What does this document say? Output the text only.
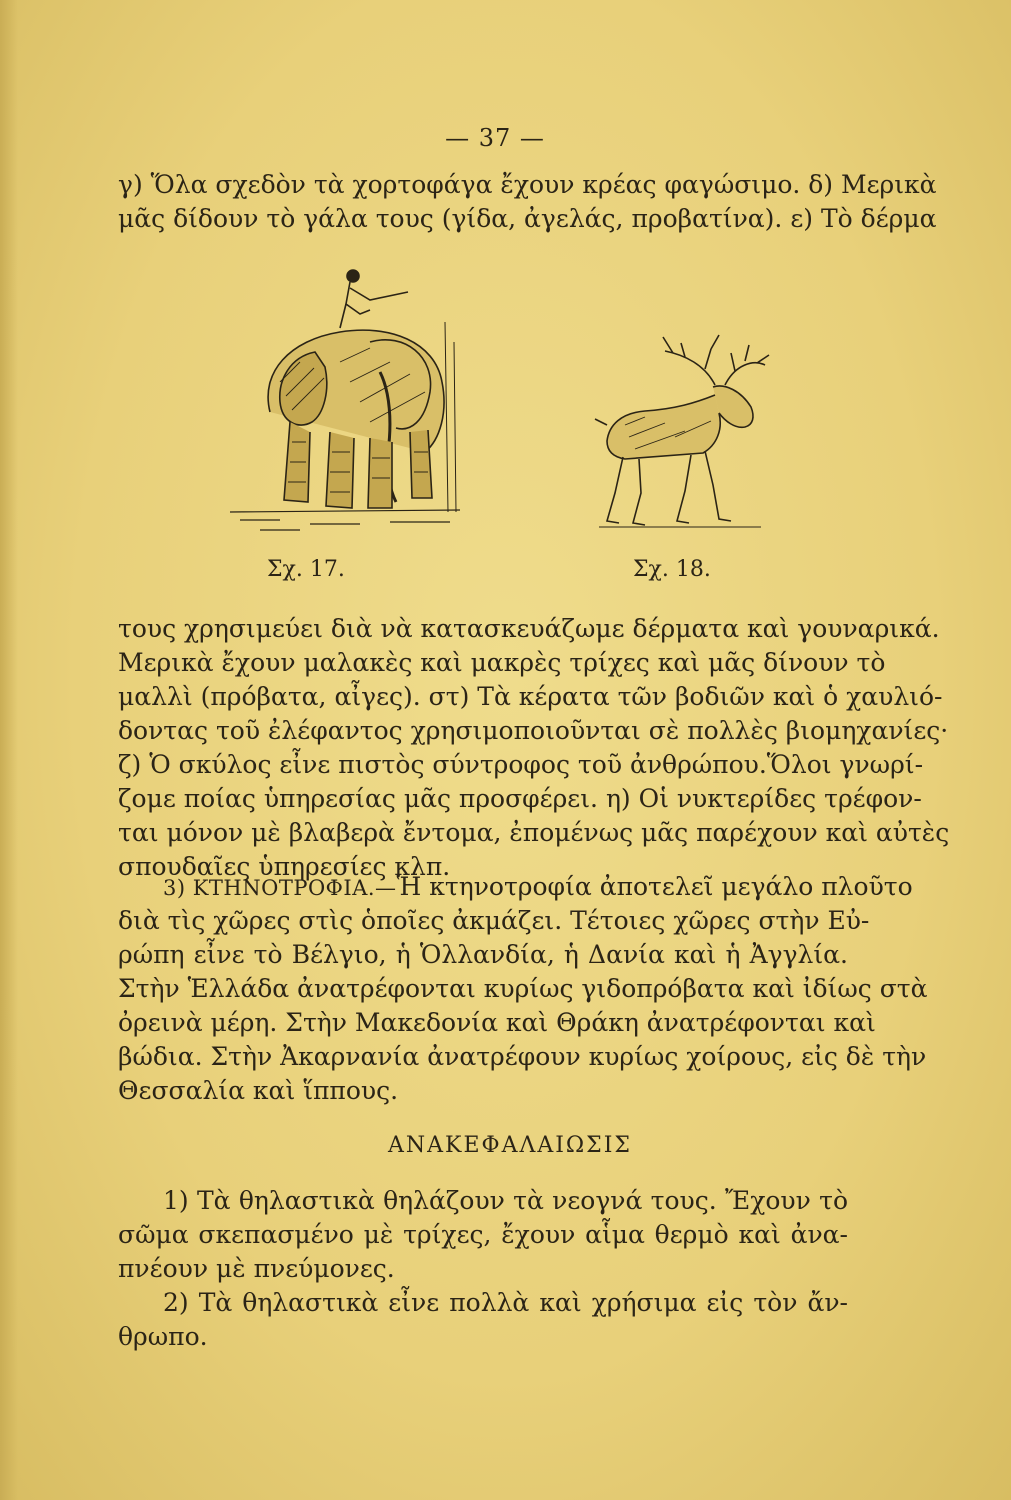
— 37 —
γ) Ὅλα σχεδὸν τὰ χορτοφάγα ἔχουν κρέας φαγώσιμο. δ) Μερικὰ
μᾶς δίδουν τὸ γάλα τους (γίδα, ἀγελάς, προβατίνα). ε) Τὸ δέρμα
Σχ. 17.	Σχ. 18.
τους χρησιμεύει διὰ νὰ κατασκευάζωμε δέρματα καὶ γουναρικά.
Μερικὰ ἔχουν μαλακὲς καὶ μακρὲς τρίχες καὶ μᾶς δίνουν τὸ
μαλλὶ (πρόβατα, αἶγες). στ) Τὰ κέρατα τῶν βοδιῶν καὶ ὁ χαυλιό-
δοντας τοῦ ἐλέφαντος χρησιμοποιοῦνται σὲ πολλὲς βιομηχανίες·
ζ) Ὁ σκύλος εἶνε πιστὸς σύντροφος τοῦ ἀνθρώπου.Ὅλοι γνωρί-
ζομε ποίας ὑπηρεσίας μᾶς προσφέρει. η) Οἱ νυκτερίδες τρέφον-
ται μόνον μὲ βλαβερὰ ἔντομα, ἐπομένως μᾶς παρέχουν καὶ αὐτὲς
σπουδαῖες ὑπηρεσίες κλπ.
3) ΚΤΗΝΟΤΡΟΦΙΑ.—Ἡ κτηνοτροφία ἀποτελεῖ μεγάλο πλοῦτο
διὰ τὶς χῶρες στὶς ὁποῖες ἀκμάζει. Τέτοιες χῶρες στὴν Εὐ-
ρώπη εἶνε τὸ Βέλγιο, ἡ Ὁλλανδία, ἡ Δανία καὶ ἡ Ἀγγλία.
Στὴν Ἑλλάδα ἀνατρέφονται κυρίως γιδοπρόβατα καὶ ἰδίως στὰ
ὀρεινὰ μέρη. Στὴν Μακεδονία καὶ Θράκη ἀνατρέφονται καὶ
βώδια. Στὴν Ἀκαρνανία ἀνατρέφουν κυρίως χοίρους, εἰς δὲ τὴν
Θεσσαλία καὶ ἵππους.
ΑΝΑΚΕΦΑΛΑΙΩΣΙΣ
1) Τὰ θηλαστικὰ θηλάζουν τὰ νεογνά τους. Ἔχουν τὸ
σῶμα σκεπασμένο μὲ τρίχες, ἔχουν αἷμα θερμὸ καὶ ἀνα-
πνέουν μὲ πνεύμονες.
2) Τὰ θηλαστικὰ εἶνε πολλὰ καὶ χρήσιμα εἰς τὸν ἄν-
θρωπο.
